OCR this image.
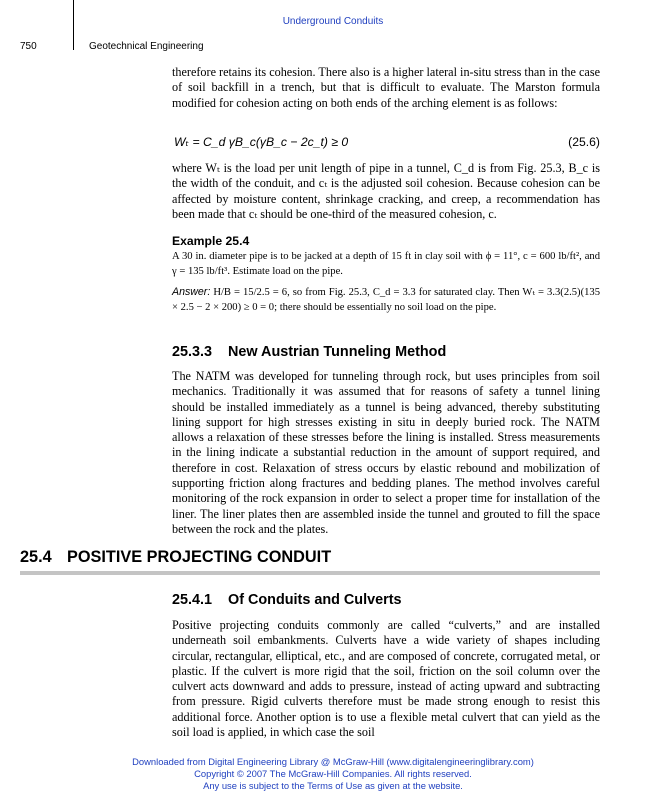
Underground Conduits
750	Geotechnical Engineering
therefore retains its cohesion. There also is a higher lateral in-situ stress than in the case of soil backfill in a trench, but that is difficult to evaluate. The Marston formula modified for cohesion acting on both ends of the arching element is as follows:
Wₜ = C_d γB_c(γB_c − 2c_t) ≥ 0	(25.6)
where Wₜ is the load per unit length of pipe in a tunnel, C_d is from Fig. 25.3, B_c is the width of the conduit, and cₜ is the adjusted soil cohesion. Because cohesion can be affected by moisture content, shrinkage cracking, and creep, a recommendation has been made that cₜ should be one-third of the measured cohesion, c.
Example 25.4
A 30 in. diameter pipe is to be jacked at a depth of 15 ft in clay soil with ϕ = 11°, c = 600 lb/ft², and γ = 135 lb/ft³. Estimate load on the pipe.
Answer: H/B = 15/2.5 = 6, so from Fig. 25.3, C_d = 3.3 for saturated clay. Then Wₜ = 3.3(2.5)(135 × 2.5 − 2 × 200) ≥ 0 = 0; there should be essentially no soil load on the pipe.
25.3.3 New Austrian Tunneling Method
The NATM was developed for tunneling through rock, but uses principles from soil mechanics. Traditionally it was assumed that for reasons of safety a tunnel lining should be installed immediately as a tunnel is being advanced, thereby substituting lining support for high stresses existing in situ in deeply buried rock. The NATM allows a relaxation of these stresses before the lining is installed. Stress measurements in the lining indicate a substantial reduction in the amount of support required, and therefore in cost. Relaxation of stress occurs by elastic rebound and mobilization of supporting friction along fractures and bedding planes. The method involves careful monitoring of the rock expansion in order to select a proper time for installation of the liner. The liner plates then are assembled inside the tunnel and grouted to fill the space between the rock and the plates.
25.4 POSITIVE PROJECTING CONDUIT
25.4.1 Of Conduits and Culverts
Positive projecting conduits commonly are called “culverts,” and are installed underneath soil embankments. Culverts have a wide variety of shapes including circular, rectangular, elliptical, etc., and are composed of concrete, corrugated metal, or plastic. If the culvert is more rigid that the soil, friction on the soil column over the culvert acts downward and adds to pressure, instead of acting upward and subtracting from pressure. Rigid culverts therefore must be made strong enough to resist this additional force. Another option is to use a flexible metal culvert that can yield as the soil load is applied, in which case the soil
Downloaded from Digital Engineering Library @ McGraw-Hill (www.digitalengineeringlibrary.com)
Copyright © 2007 The McGraw-Hill Companies. All rights reserved.
Any use is subject to the Terms of Use as given at the website.
